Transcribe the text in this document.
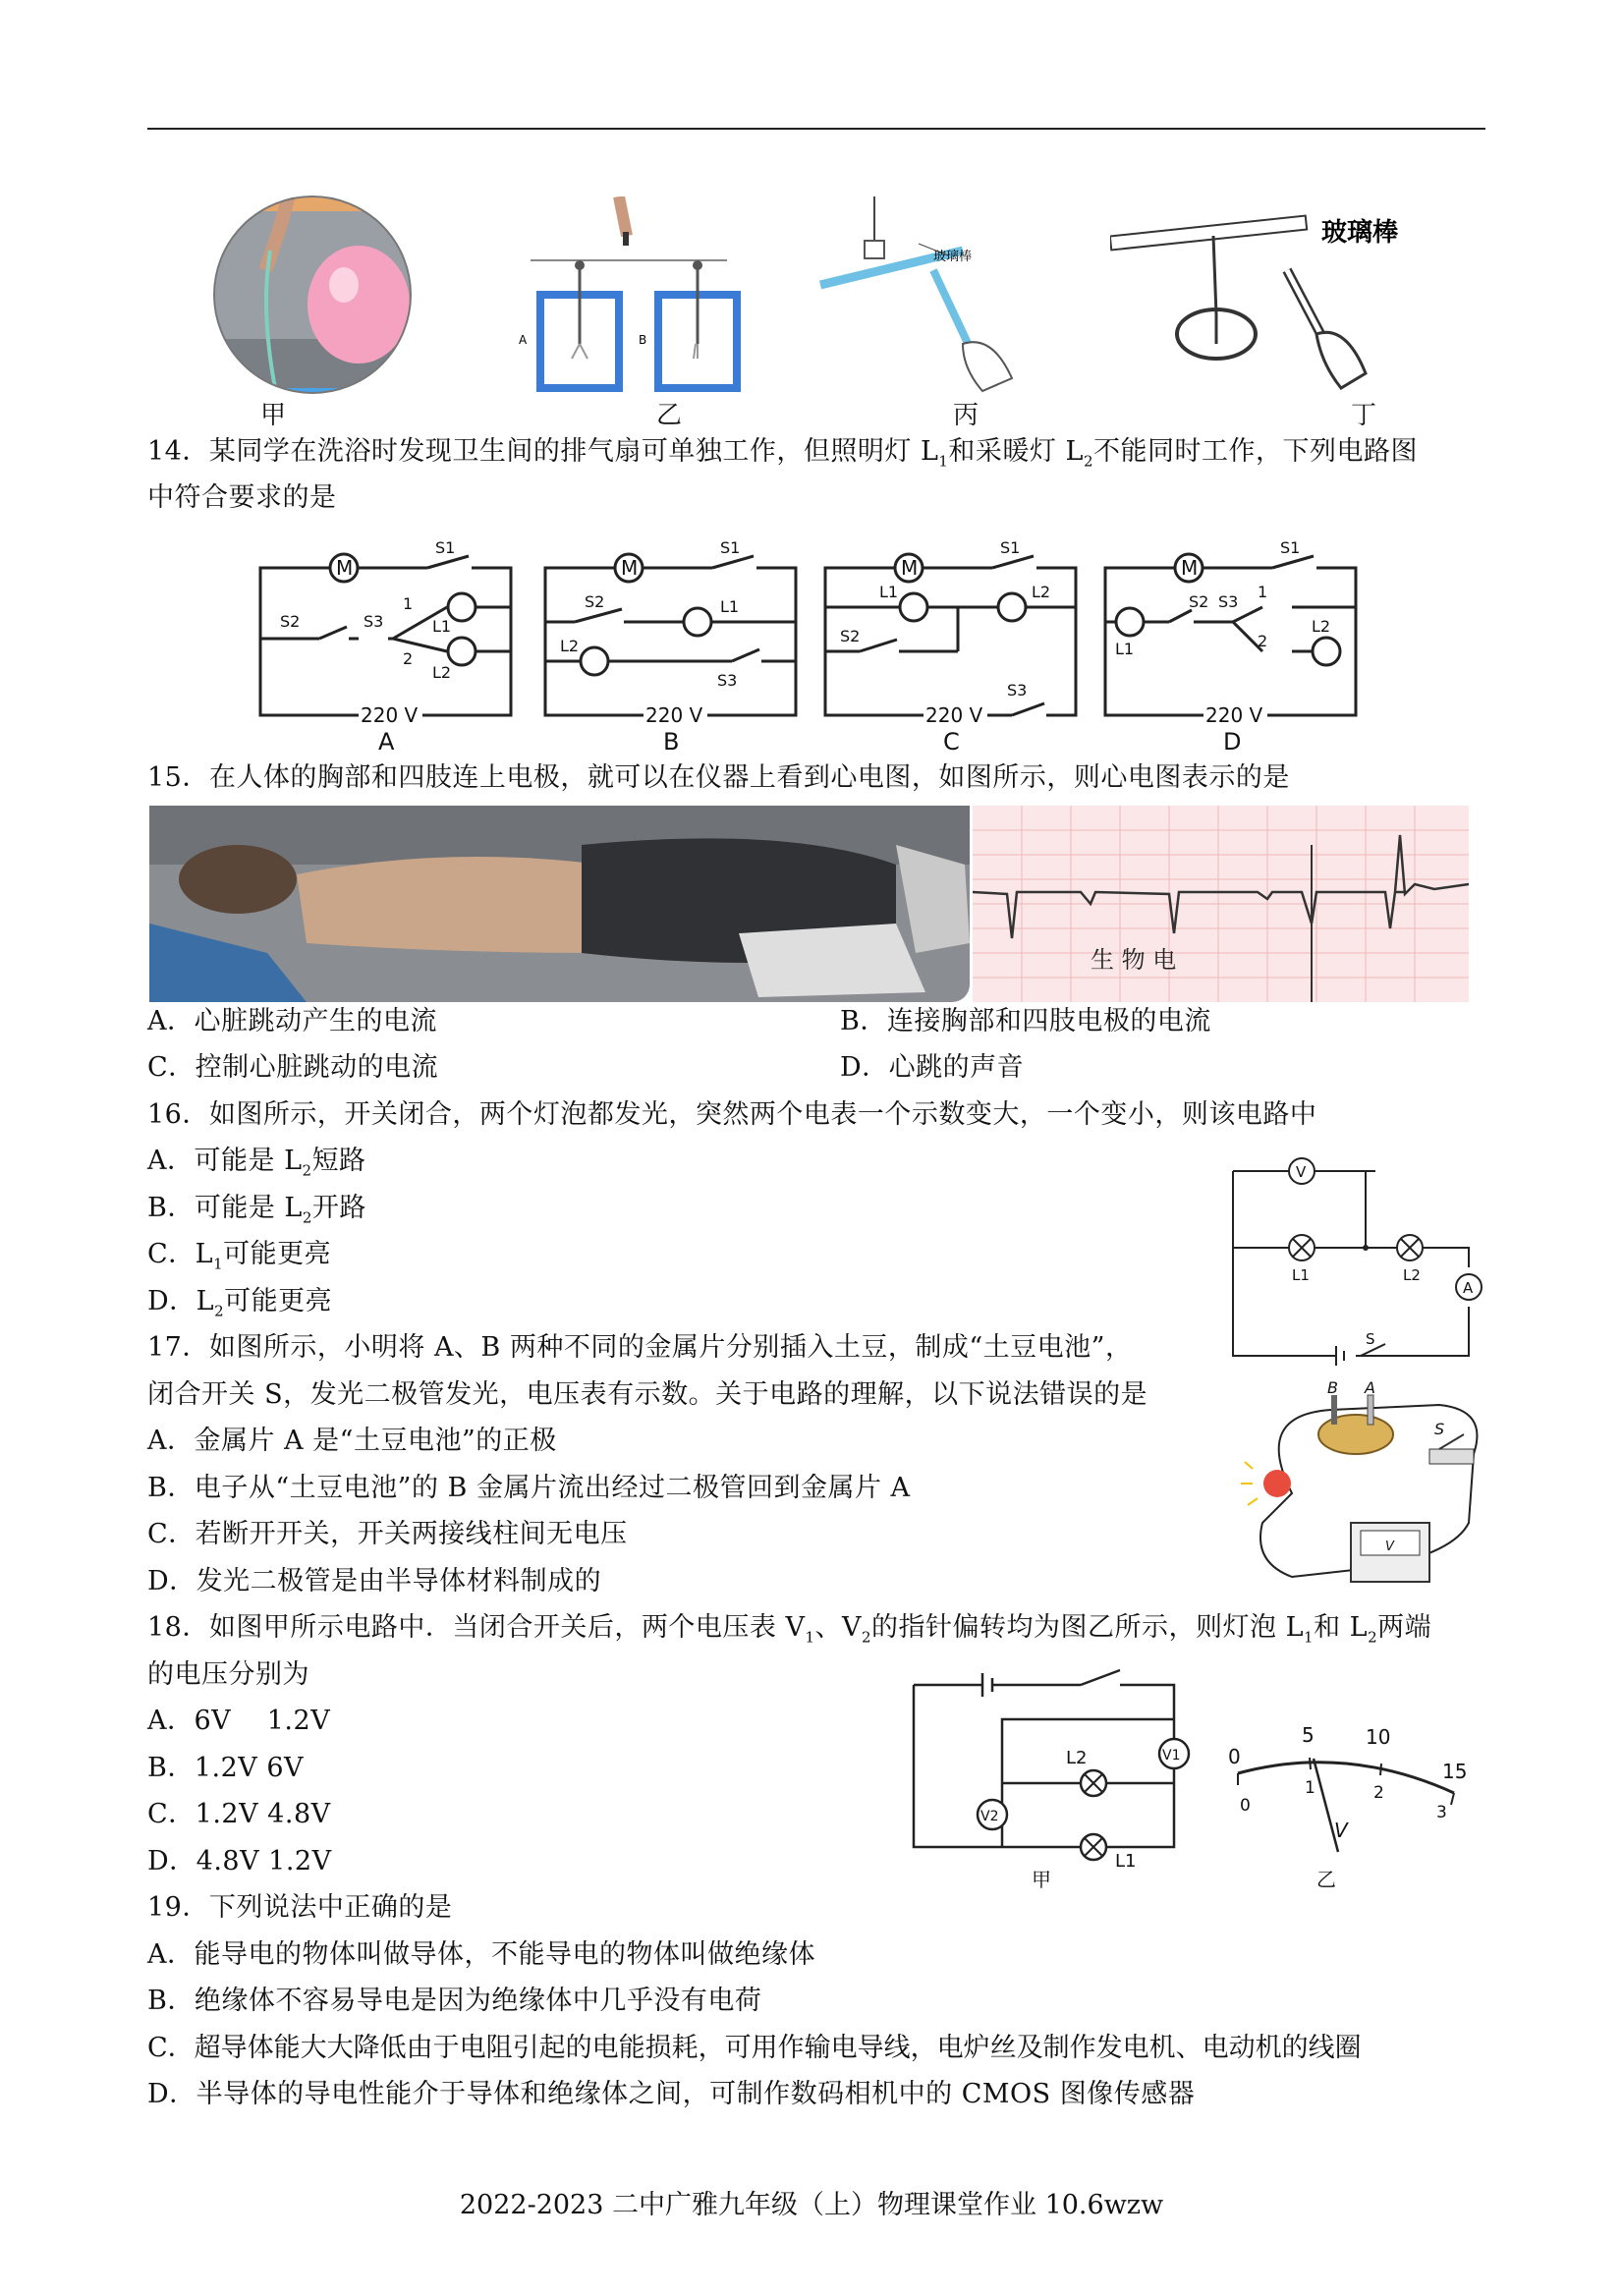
甲
A	B
乙
玻璃棒
丙
玻璃棒
丁
14．某同学在洗浴时发现卫生间的排气扇可单独工作，但照明灯 $L_1$和采暖灯 $L_2$不能同时工作，下列电路图
中符合要求的是
M	M	M	M
220 V	220 V	220 V	220 V
S1	S1	S1	S1
S2	S3
1
2
L1
L2
S2	L1
L2
S3
L1	L2
S2
S3
S2 S3
1
2
L1
L2
A	B	C	D
15．在人体的胸部和四肢连上电极，就可以在仪器上看到心电图，如图所示，则心电图表示的是
生 物 电
A．心脏跳动产生的电流	B．连接胸部和四肢电极的电流
C．控制心脏跳动的电流	D．心跳的声音
16．如图所示，开关闭合，两个灯泡都发光，突然两个电表一个示数变大，一个变小，则该电路中
A．可能是 $L_2$短路
B．可能是 $L_2$开路
C．$L_1$可能更亮
D．$L_2$可能更亮
V
A
L1	L2
S
17．如图所示，小明将 A、B 两种不同的金属片分别插入土豆，制成“土豆电池”，
闭合开关 S，发光二极管发光，电压表有示数。关于电路的理解，以下说法错误的是
A．金属片 A 是“土豆电池”的正极
B．电子从“土豆电池”的 B 金属片流出经过二极管回到金属片 A
C．若断开开关，开关两接线柱间无电压
D．发光二极管是由半导体材料制成的
B A
S
V
18．如图甲所示电路中．当闭合开关后，两个电压表 $V_1$、$V_2$的指针偏转均为图乙所示，则灯泡 $L_1$和 $L_2$两端
的电压分别为
A．6V　 1.2V
B．1.2V 6V
C．1.2V 4.8V
D．4.8V 1.2V
L2
L1
V1
V2
甲
0
5	10
15
0
1	2
3
V
乙
19．下列说法中正确的是
A．能导电的物体叫做导体，不能导电的物体叫做绝缘体
B．绝缘体不容易导电是因为绝缘体中几乎没有电荷
C．超导体能大大降低由于电阻引起的电能损耗，可用作输电导线，电炉丝及制作发电机、电动机的线圈
D．半导体的导电性能介于导体和绝缘体之间，可制作数码相机中的 CMOS 图像传感器
2022-2023 二中广雅九年级（上）物理课堂作业 10.6wzw
